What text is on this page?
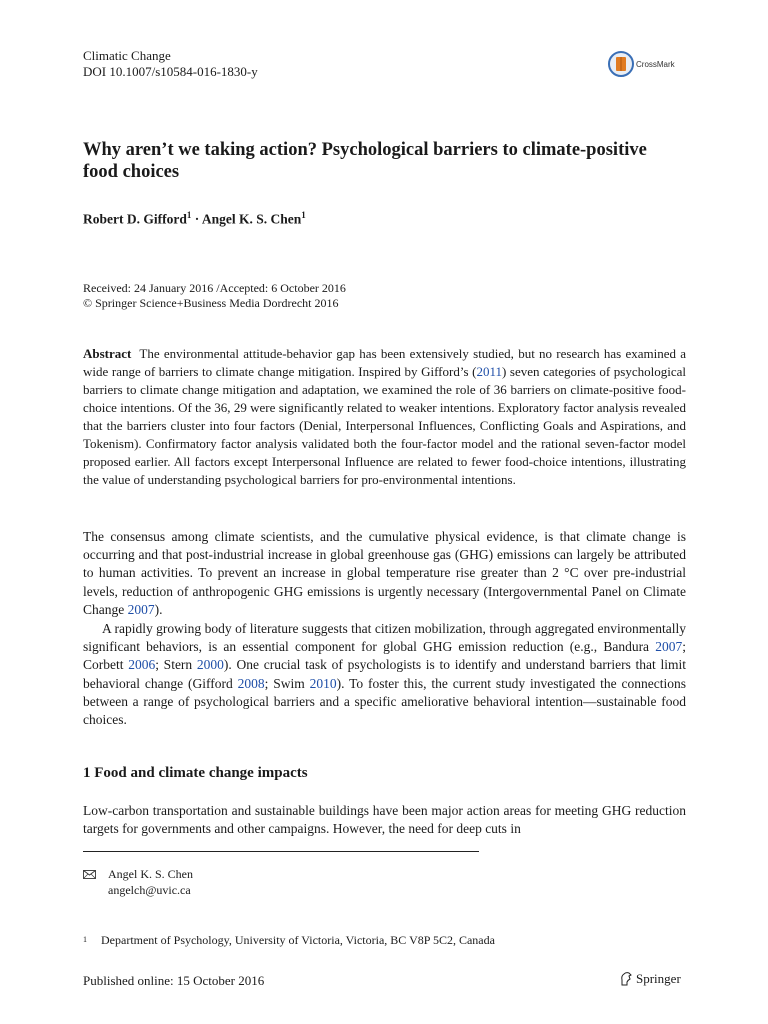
Climatic Change
DOI 10.1007/s10584-016-1830-y	CrossMark
Why aren’t we taking action? Psychological barriers to climate-positive food choices
Robert D. Gifford$^1$ · Angel K. S. Chen$^1$
Received: 24 January 2016 /Accepted: 6 October 2016
© Springer Science+Business Media Dordrecht 2016

Abstract The environmental attitude-behavior gap has been extensively studied, but no research has examined a wide range of barriers to climate change mitigation. Inspired by Gifford’s (2011) seven categories of psychological barriers to climate change mitigation and adaptation, we examined the role of 36 barriers on climate-positive food-choice intentions. Of the 36, 29 were significantly related to weaker intentions. Exploratory factor analysis revealed that the barriers cluster into four factors (Denial, Interpersonal Influences, Conflicting Goals and Aspirations, and Tokenism). Confirmatory factor analysis validated both the four-factor model and the rational seven-factor model proposed earlier. All factors except Interpersonal Influence are related to fewer food-choice intentions, illustrating the value of understanding psychological barriers for pro-environmental intentions.

The consensus among climate scientists, and the cumulative physical evidence, is that climate change is occurring and that post-industrial increase in global greenhouse gas (GHG) emissions can largely be attributed to human activities. To prevent an increase in global temperature rise greater than 2 °C over pre-industrial levels, reduction of anthropogenic GHG emissions is urgently necessary (Intergovernmental Panel on Climate Change 2007).

A rapidly growing body of literature suggests that citizen mobilization, through aggregated environmentally significant behaviors, is an essential component for global GHG emission reduction (e.g., Bandura 2007; Corbett 2006; Stern 2000). One crucial task of psychologists is to identify and understand barriers that limit behavioral change (Gifford 2008; Swim 2010). To foster this, the current study investigated the connections between a range of psychological barriers and a specific ameliorative behavioral intention—sustainable food choices.

1 Food and climate change impacts

Low-carbon transportation and sustainable buildings have been major action areas for meeting GHG reduction targets for governments and other campaigns. However, the need for deep cuts in

Angel K. S. Chen
angelch@uvic.ca
$^1$ Department of Psychology, University of Victoria, Victoria, BC V8P 5C2, Canada
Published online: 15 October 2016	Springer
